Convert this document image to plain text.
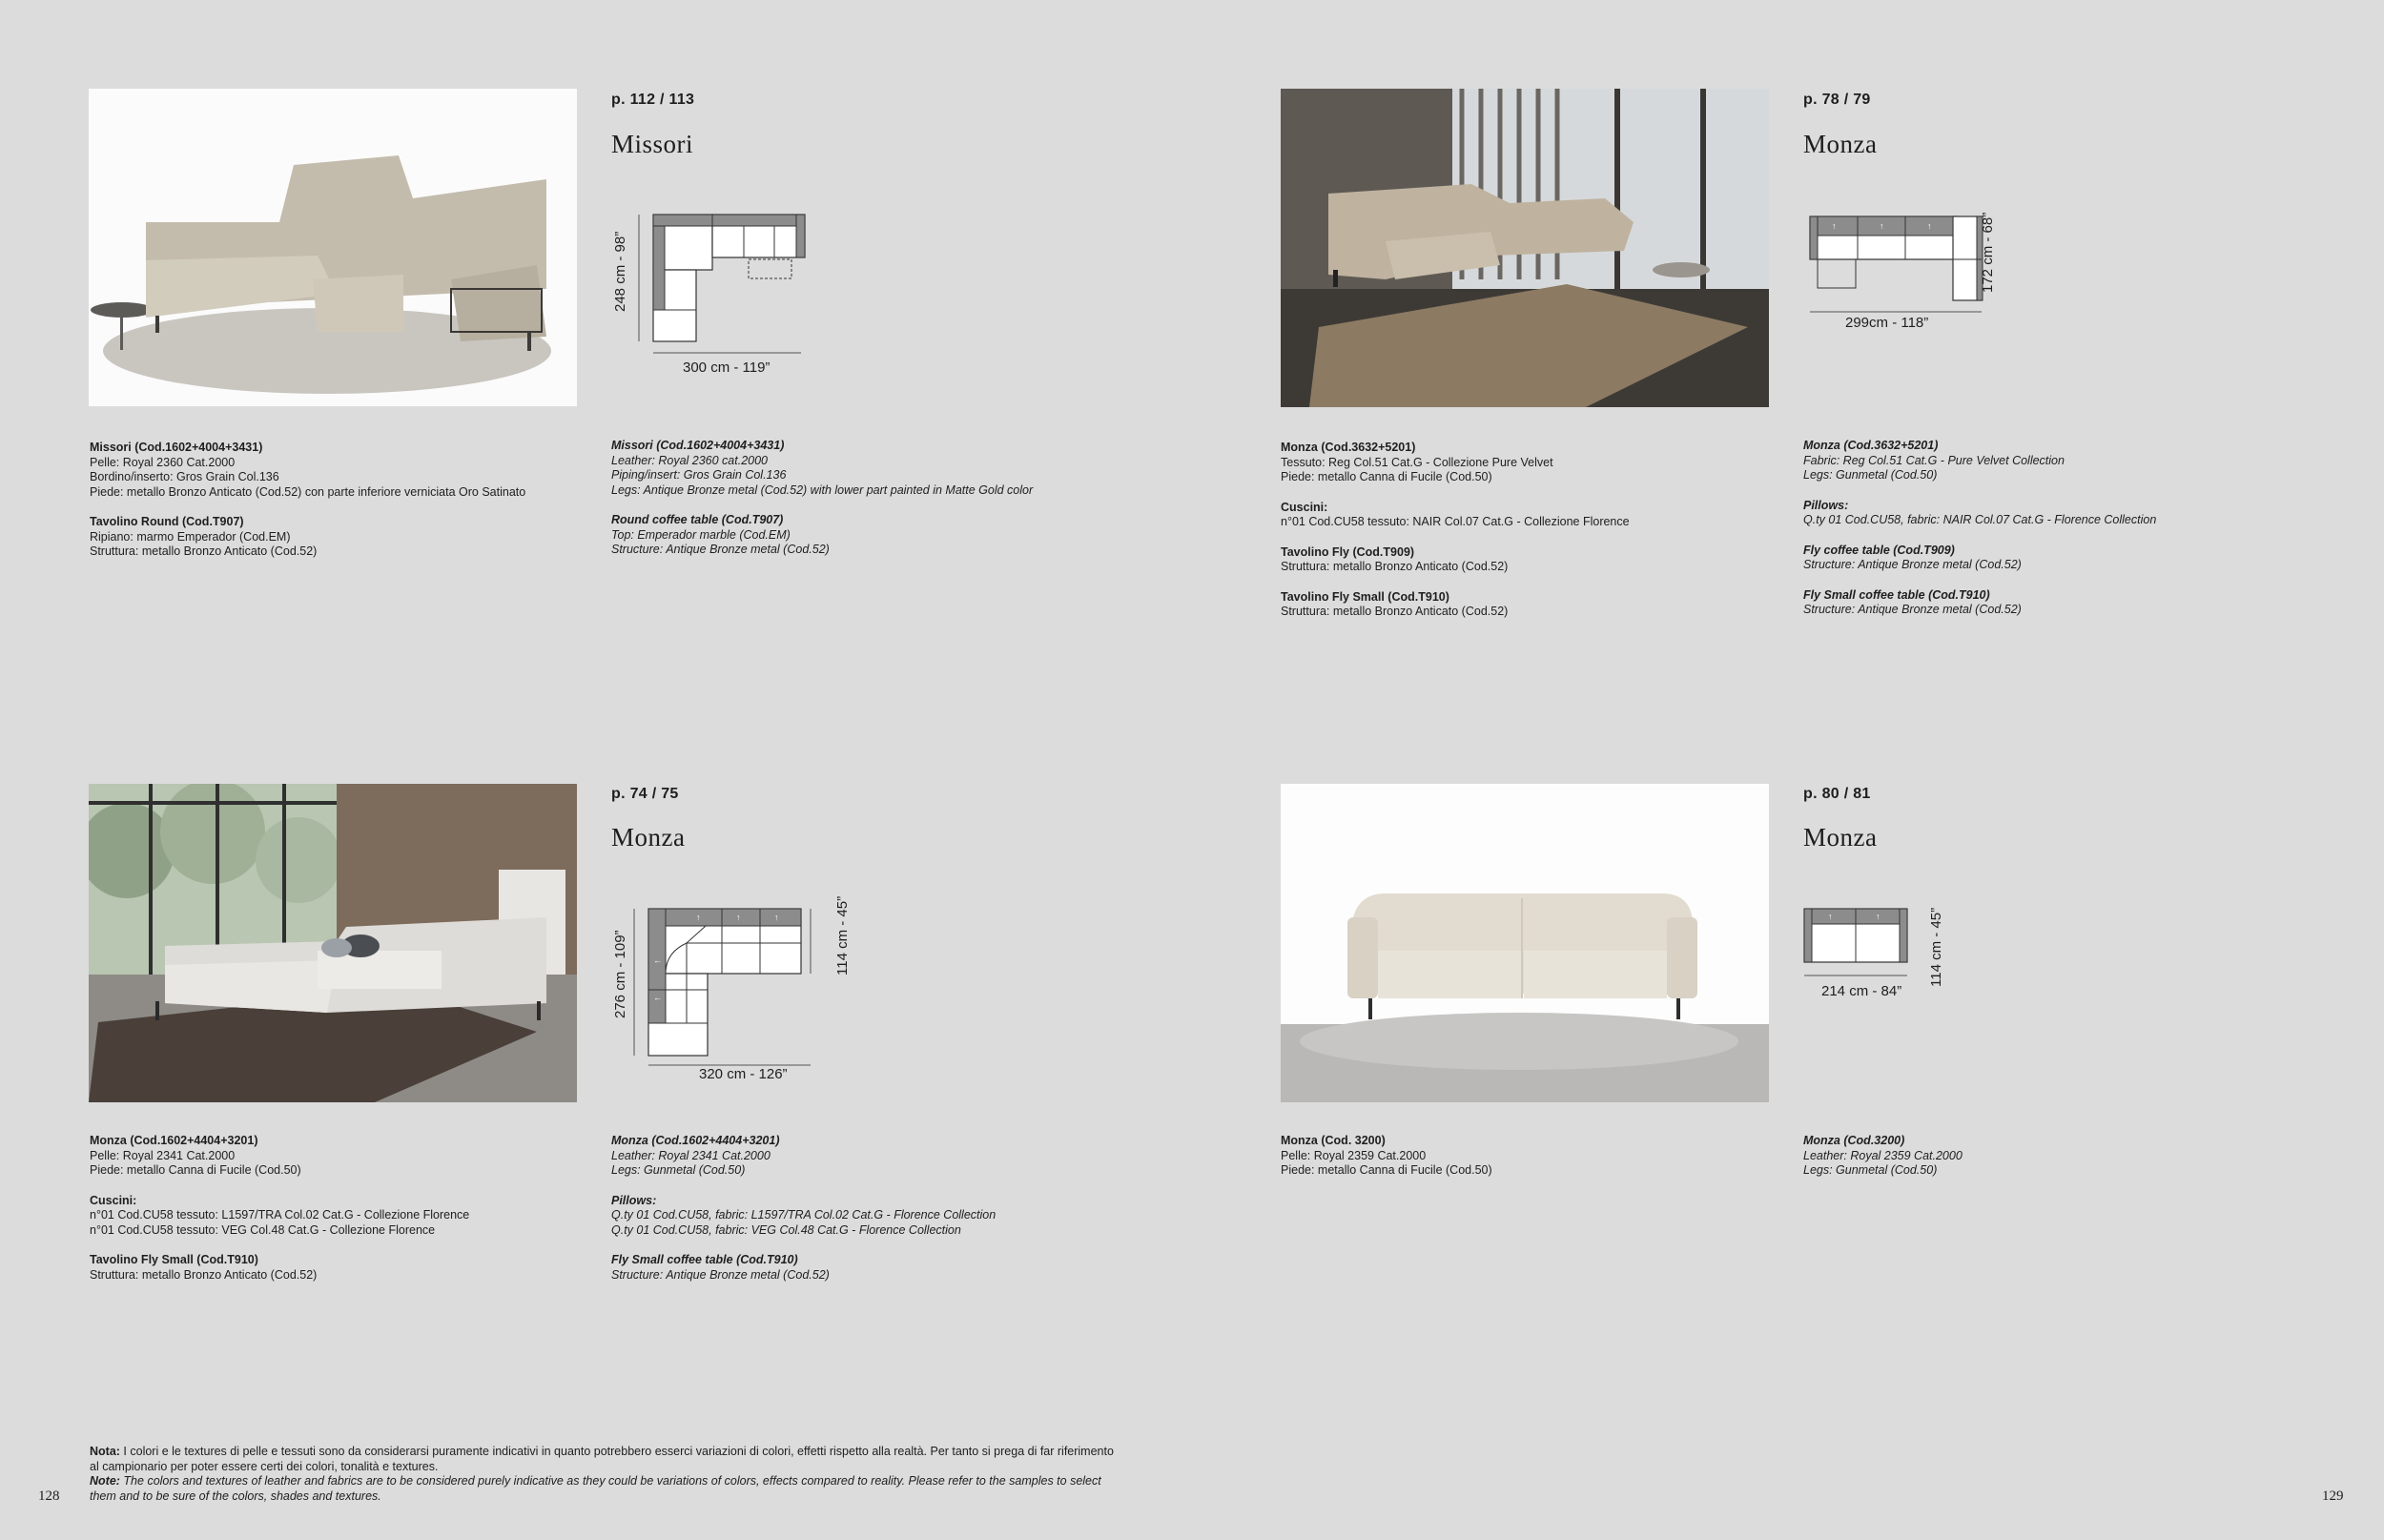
p. 112 / 113
Missori
300 cm - 119”
248 cm - 98”
Missori (Cod.1602+4004+3431)
Pelle: Royal 2360 Cat.2000
Bordino/inserto: Gros Grain Col.136
Piede: metallo Bronzo Anticato (Cod.52) con parte inferiore verniciata Oro Satinato
Tavolino Round (Cod.T907)
Ripiano: marmo Emperador (Cod.EM)
Struttura: metallo Bronzo Anticato (Cod.52)
Missori (Cod.1602+4004+3431)
Leather: Royal 2360 cat.2000
Piping/insert: Gros Grain Col.136
Legs: Antique Bronze metal (Cod.52) with lower part painted in Matte Gold color
Round coffee table (Cod.T907)
Top: Emperador marble (Cod.EM)
Structure: Antique Bronze metal (Cod.52)
p. 78 / 79
Monza
↑	↑	↑
299cm - 118”
172 cm - 68”
Monza (Cod.3632+5201)
Tessuto: Reg Col.51 Cat.G - Collezione Pure Velvet
Piede: metallo Canna di Fucile (Cod.50)
Cuscini:
n°01 Cod.CU58 tessuto: NAIR Col.07 Cat.G - Collezione Florence
Tavolino Fly (Cod.T909)
Struttura: metallo Bronzo Anticato (Cod.52)
Tavolino Fly Small (Cod.T910)
Struttura: metallo Bronzo Anticato (Cod.52)
Monza (Cod.3632+5201)
Fabric: Reg Col.51 Cat.G - Pure Velvet Collection
Legs: Gunmetal (Cod.50)
Pillows:
Q.ty 01 Cod.CU58, fabric: NAIR Col.07 Cat.G - Florence Collection
Fly coffee table (Cod.T909)
Structure: Antique Bronze metal (Cod.52)
Fly Small coffee table (Cod.T910)
Structure: Antique Bronze metal (Cod.52)
p. 74 / 75
Monza
↑	↑	↑
←
←
320 cm - 126”
276 cm - 109”	114 cm - 45”
Monza (Cod.1602+4404+3201)
Pelle: Royal 2341 Cat.2000
Piede: metallo Canna di Fucile (Cod.50)
Cuscini:
n°01 Cod.CU58 tessuto: L1597/TRA Col.02 Cat.G - Collezione Florence
n°01 Cod.CU58 tessuto: VEG Col.48 Cat.G - Collezione Florence
Tavolino Fly Small (Cod.T910)
Struttura: metallo Bronzo Anticato (Cod.52)
Monza (Cod.1602+4404+3201)
Leather: Royal 2341 Cat.2000
Legs: Gunmetal (Cod.50)
Pillows:
Q.ty 01 Cod.CU58, fabric: L1597/TRA Col.02 Cat.G - Florence Collection
Q.ty 01 Cod.CU58, fabric: VEG Col.48 Cat.G - Florence Collection
Fly Small coffee table (Cod.T910)
Structure: Antique Bronze metal (Cod.52)
p. 80 / 81
Monza
↑	↑
214 cm - 84”
114 cm - 45”
Monza (Cod. 3200)
Pelle: Royal 2359 Cat.2000
Piede: metallo Canna di Fucile (Cod.50)
Monza (Cod.3200)
Leather: Royal 2359 Cat.2000
Legs: Gunmetal (Cod.50)
Nota: I colori e le textures di pelle e tessuti sono da considerarsi puramente indicativi in quanto potrebbero esserci variazioni di colori, effetti rispetto alla realtà. Per tanto si prega di far riferimento al campionario per poter essere certi dei colori, tonalità e textures.
Note: The colors and textures of leather and fabrics are to be considered purely indicative as they could be variations of colors, effects compared to reality. Please refer to the samples to select them and to be sure of the colors, shades and textures.
128	129
